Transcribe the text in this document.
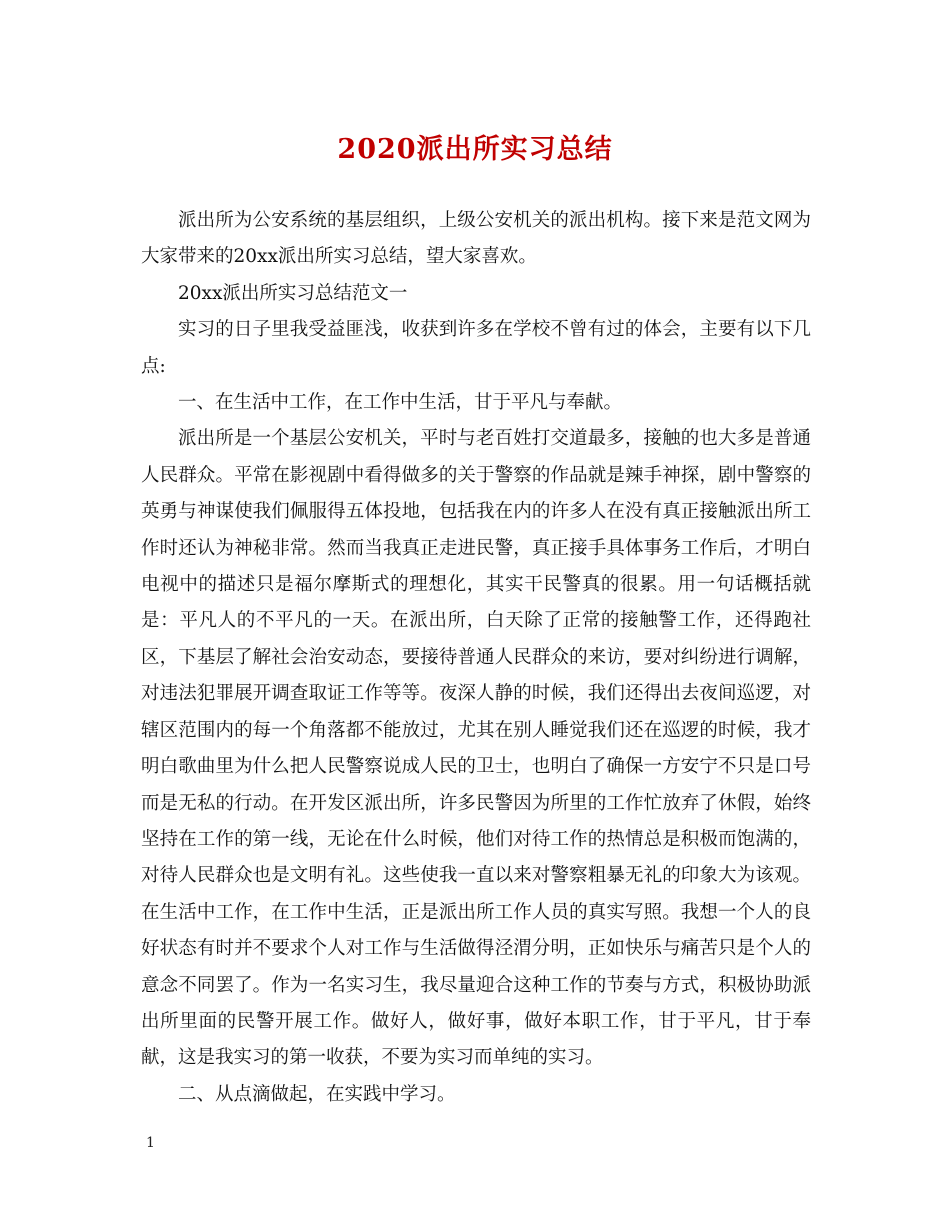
2020派出所实习总结

派出所为公安系统的基层组织，上级公安机关的派出机构。接下来是范文网为大家带来的20xx派出所实习总结，望大家喜欢。

20xx派出所实习总结范文一

实习的日子里我受益匪浅，收获到许多在学校不曾有过的体会，主要有以下几点:

一、在生活中工作，在工作中生活，甘于平凡与奉献。

派出所是一个基层公安机关，平时与老百姓打交道最多，接触的也大多是普通人民群众。平常在影视剧中看得做多的关于警察的作品就是辣手神探，剧中警察的英勇与神谋使我们佩服得五体投地，包括我在内的许多人在没有真正接触派出所工作时还认为神秘非常。然而当我真正走进民警，真正接手具体事务工作后，才明白电视中的描述只是福尔摩斯式的理想化，其实干民警真的很累。用一句话概括就是：平凡人的不平凡的一天。在派出所，白天除了正常的接触警工作，还得跑社区，下基层了解社会治安动态，要接待普通人民群众的来访，要对纠纷进行调解，对违法犯罪展开调查取证工作等等。夜深人静的时候，我们还得出去夜间巡逻，对辖区范围内的每一个角落都不能放过，尤其在别人睡觉我们还在巡逻的时候，我才明白歌曲里为什么把人民警察说成人民的卫士，也明白了确保一方安宁不只是口号而是无私的行动。在开发区派出所，许多民警因为所里的工作忙放弃了休假，始终坚持在工作的第一线，无论在什么时候，他们对待工作的热情总是积极而饱满的，对待人民群众也是文明有礼。这些使我一直以来对警察粗暴无礼的印象大为该观。在生活中工作，在工作中生活，正是派出所工作人员的真实写照。我想一个人的良好状态有时并不要求个人对工作与生活做得泾渭分明，正如快乐与痛苦只是个人的意念不同罢了。作为一名实习生，我尽量迎合这种工作的节奏与方式，积极协助派出所里面的民警开展工作。做好人，做好事，做好本职工作，甘于平凡，甘于奉献，这是我实习的第一收获，不要为实习而单纯的实习。

二、从点滴做起，在实践中学习。

1
